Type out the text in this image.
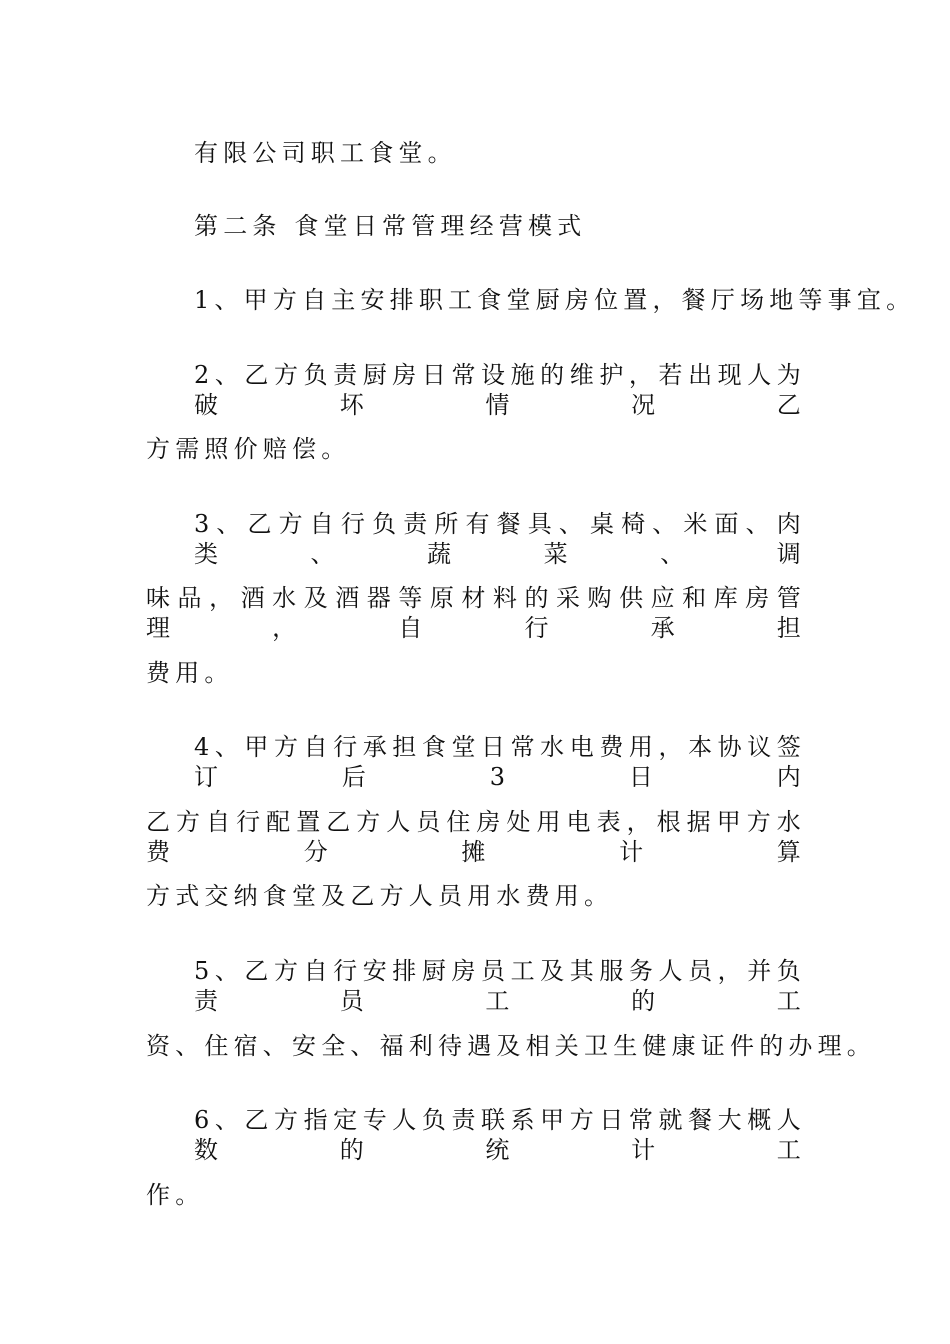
有限公司职工食堂。
第二条 食堂日常管理经营模式
1、甲方自主安排职工食堂厨房位置，餐厅场地等事宜。
2、乙方负责厨房日常设施的维护，若出现人为破坏情况乙
方需照价赔偿。
3、乙方自行负责所有餐具、桌椅、米面、肉类、蔬菜、调
味品，酒水及酒器等原材料的采购供应和库房管理，自行承担
费用。
4、甲方自行承担食堂日常水电费用，本协议签订后3日内
乙方自行配置乙方人员住房处用电表，根据甲方水费分摊计算
方式交纳食堂及乙方人员用水费用。
5、乙方自行安排厨房员工及其服务人员，并负责员工的工
资、住宿、安全、福利待遇及相关卫生健康证件的办理。
6、乙方指定专人负责联系甲方日常就餐大概人数的统计工
作。
